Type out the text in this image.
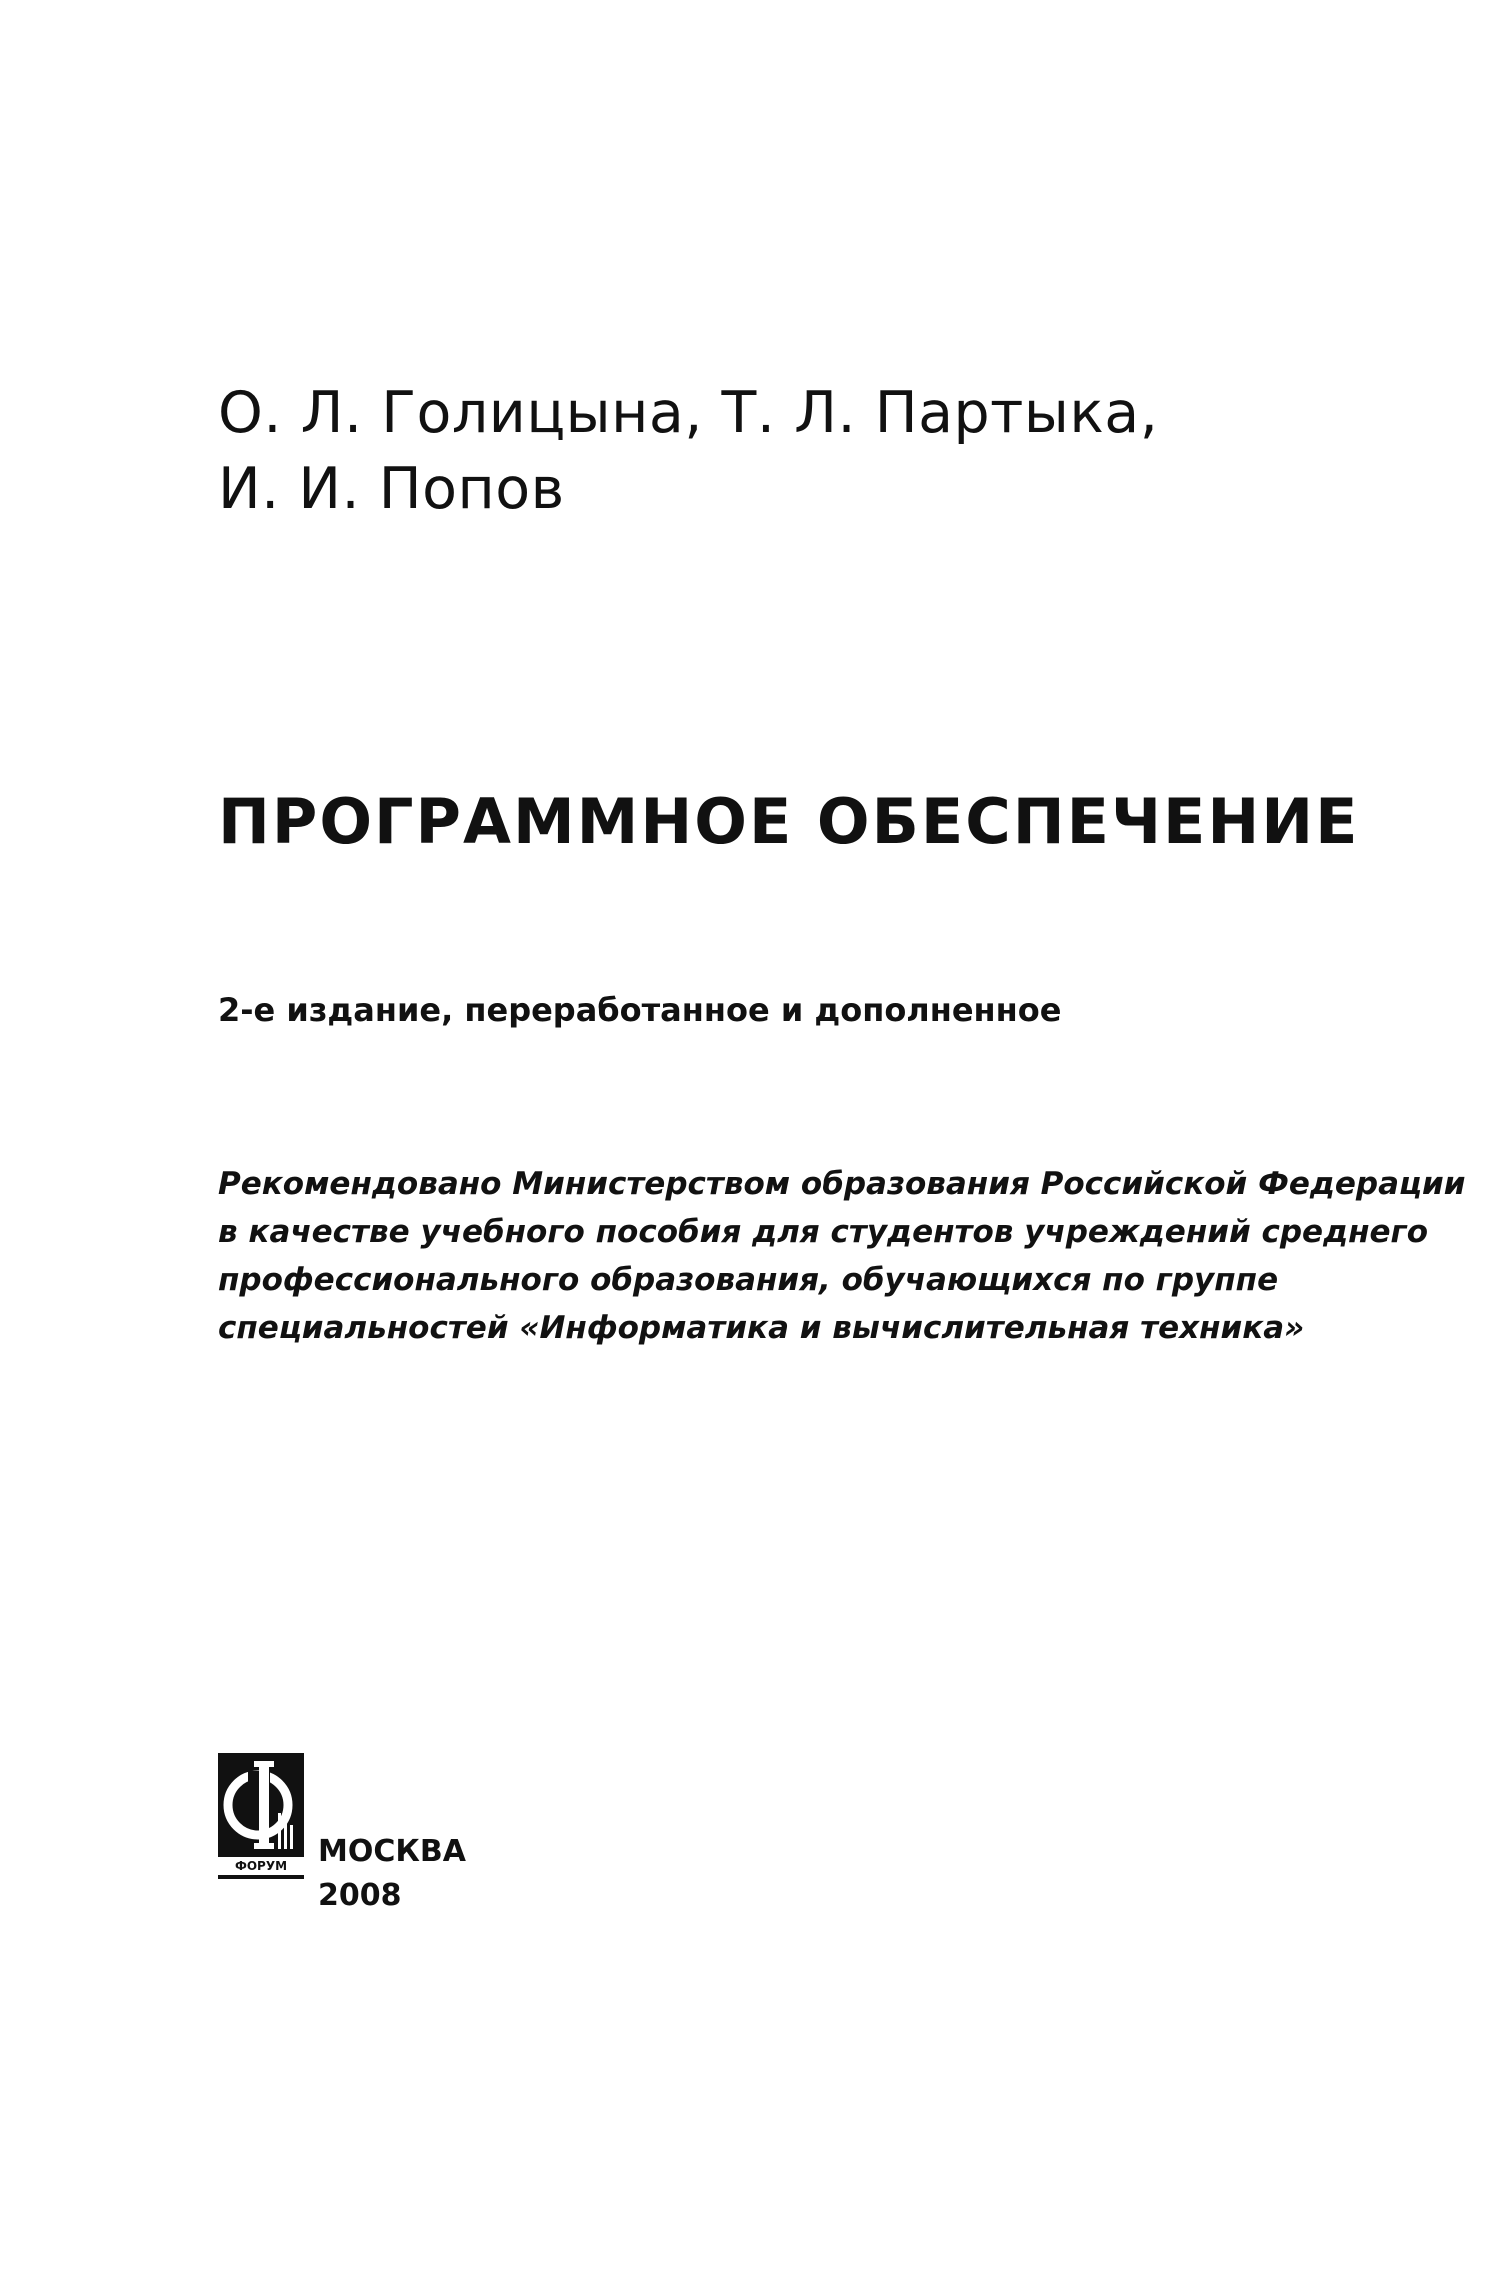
О. Л. Голицына, Т. Л. Партыка,
И. И. Попов
ПРОГРАММНОЕ ОБЕСПЕЧЕНИЕ
2-е издание, переработанное и дополненное
Рекомендовано Министерством образования Российской Федерации
в качестве учебного пособия для студентов учреждений среднего
профессионального образования, обучающихся по группе
специальностей «Информатика и вычислительная техника»
ФОРУМ МОСКВА
2008
